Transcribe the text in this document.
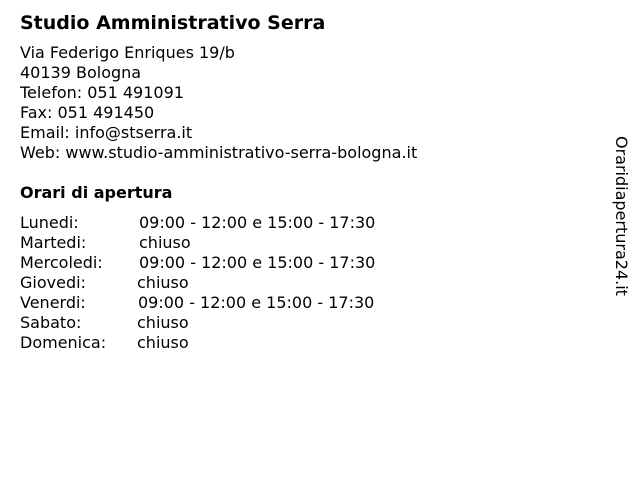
Studio Amministrativo Serra
Via Federigo Enriques 19/b
40139 Bologna
Telefon: 051 491091
Fax: 051 491450
Email: info@stserra.it
Web: www.studio-amministrativo-serra-bologna.it
Orari di apertura
Lunedi:	09:00 - 12:00 e 15:00 - 17:30
Martedi:	chiuso
Mercoledi: 09:00 - 12:00 e 15:00 - 17:30
Giovedi:	chiuso
Venerdi:	09:00 - 12:00 e 15:00 - 17:30
Sabato:	chiuso
Domenica: chiuso
Oraridiapertura24.it
